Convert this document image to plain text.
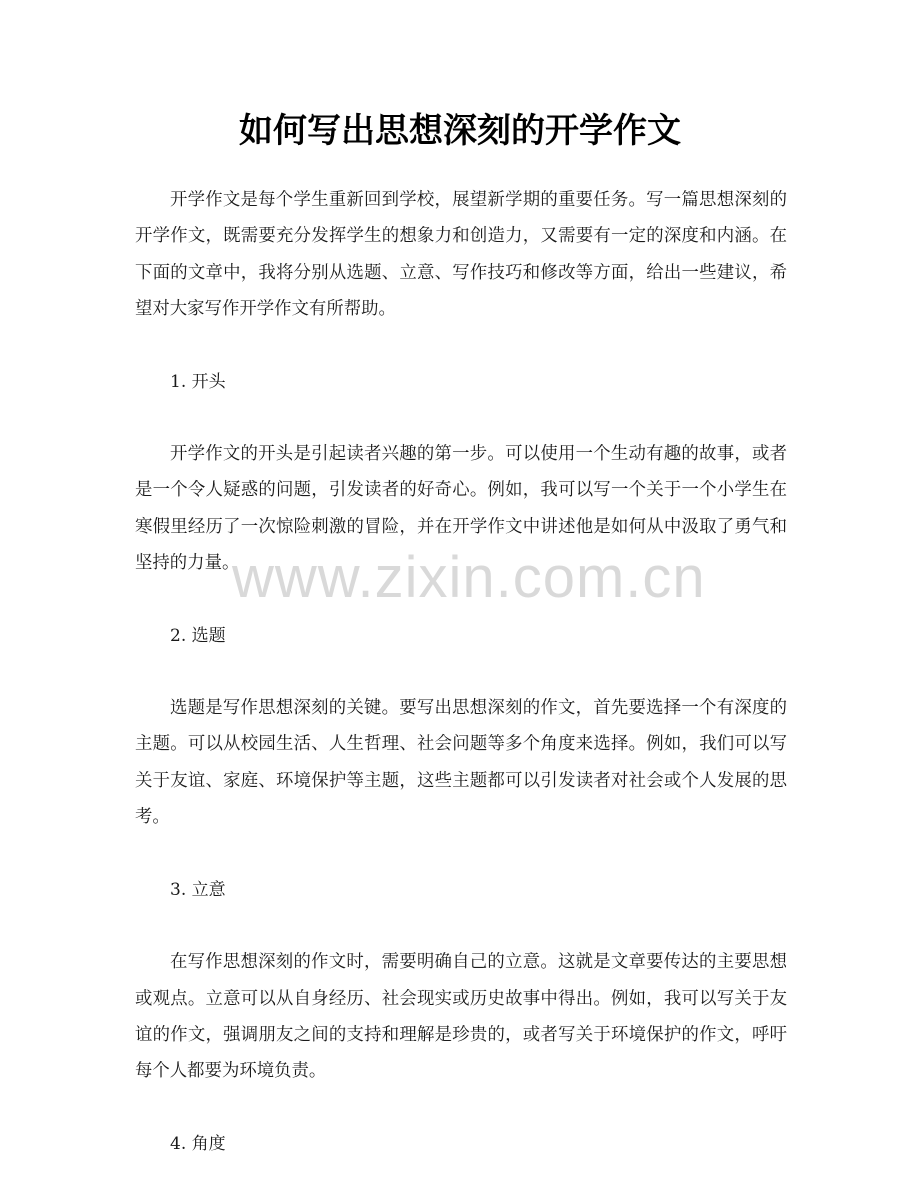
如何写出思想深刻的开学作文
www.zixin.com.cn

开学作文是每个学生重新回到学校，展望新学期的重要任务。写一篇思想深刻的开学作文，既需要充分发挥学生的想象力和创造力，又需要有一定的深度和内涵。在下面的文章中，我将分别从选题、立意、写作技巧和修改等方面，给出一些建议，希望对大家写作开学作文有所帮助。

1. 开头

开学作文的开头是引起读者兴趣的第一步。可以使用一个生动有趣的故事，或者是一个令人疑惑的问题，引发读者的好奇心。例如，我可以写一个关于一个小学生在寒假里经历了一次惊险刺激的冒险，并在开学作文中讲述他是如何从中汲取了勇气和坚持的力量。

2. 选题

选题是写作思想深刻的关键。要写出思想深刻的作文，首先要选择一个有深度的主题。可以从校园生活、人生哲理、社会问题等多个角度来选择。例如，我们可以写关于友谊、家庭、环境保护等主题，这些主题都可以引发读者对社会或个人发展的思考。

3. 立意

在写作思想深刻的作文时，需要明确自己的立意。这就是文章要传达的主要思想或观点。立意可以从自身经历、社会现实或历史故事中得出。例如，我可以写关于友谊的作文，强调朋友之间的支持和理解是珍贵的，或者写关于环境保护的作文，呼吁每个人都要为环境负责。

4. 角度
